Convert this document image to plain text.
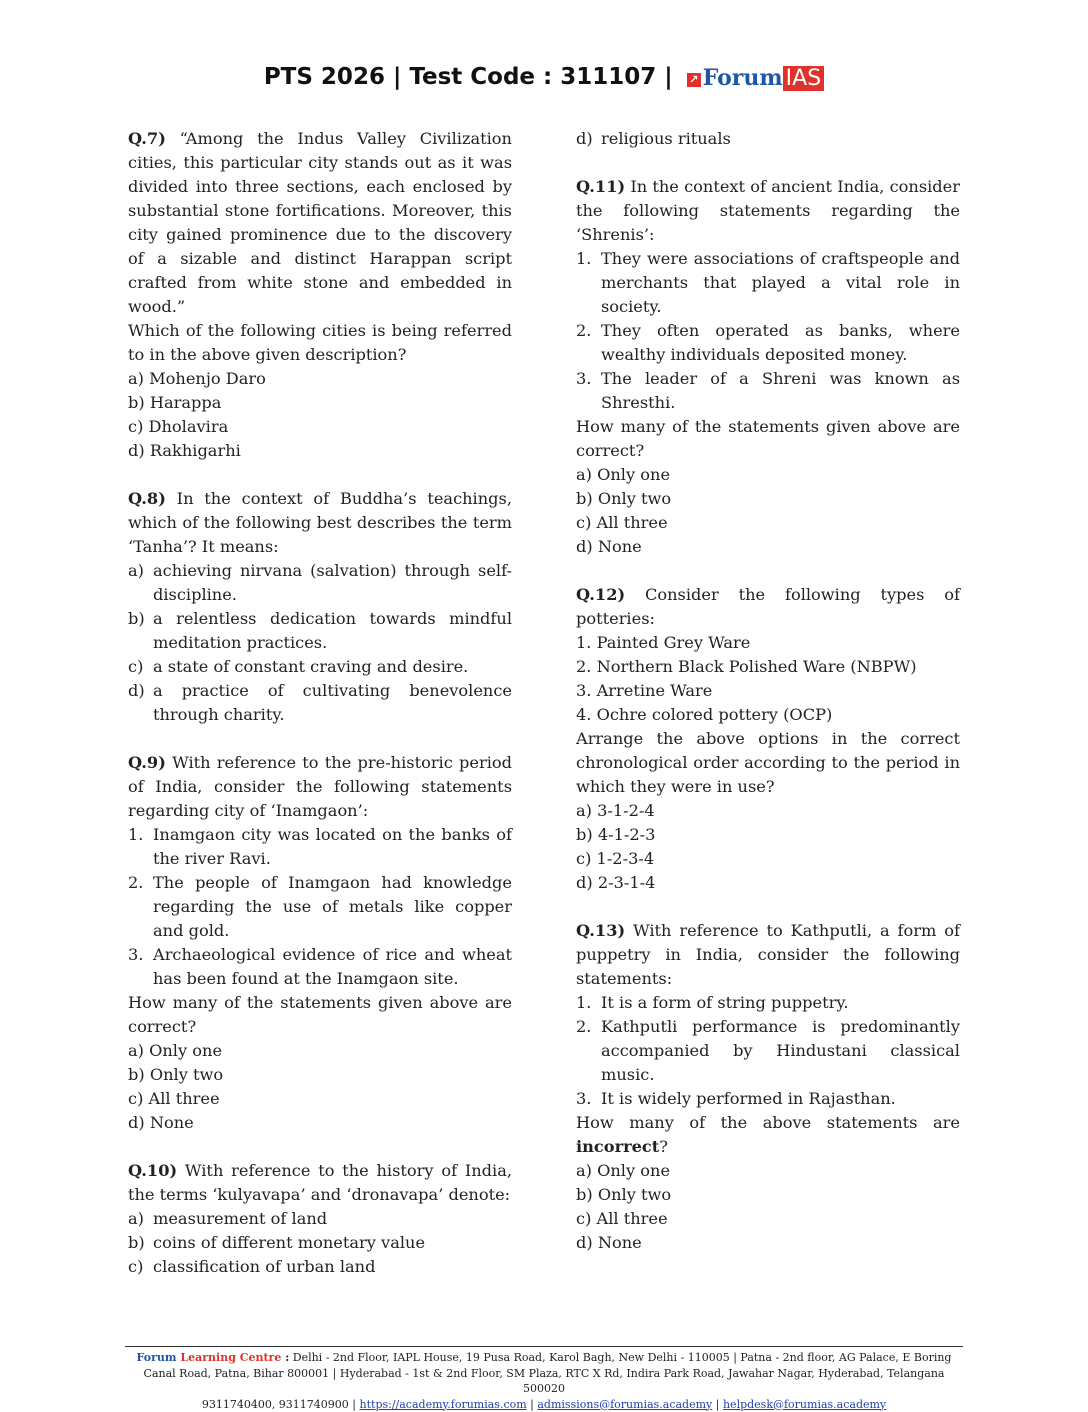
PTS 2026 | Test Code : 311107 | ↗ Forum IAS

Q.7) “Among the Indus Valley Civilization cities, this particular city stands out as it was divided into three sections, each enclosed by substantial stone fortifications. Moreover, this city gained prominence due to the discovery of a sizable and distinct Harappan script crafted from white stone and embedded in wood.”

Which of the following cities is being referred to in the above given description?

a) Mohenjo Daro
b) Harappa
c) Dholavira
d) Rakhigarhi

Q.8) In the context of Buddha’s teachings, which of the following best describes the term ‘Tanha’? It means:

a) achieving nirvana (salvation) through self-discipline.
b) a relentless dedication towards mindful meditation practices.
c) a state of constant craving and desire.
d) a practice of cultivating benevolence through charity.

Q.9) With reference to the pre-historic period of India, consider the following statements regarding city of ‘Inamgaon’:

1. Inamgaon city was located on the banks of the river Ravi.
2. The people of Inamgaon had knowledge regarding the use of metals like copper and gold.
3. Archaeological evidence of rice and wheat has been found at the Inamgaon site.

How many of the statements given above are correct?

a) Only one
b) Only two
c) All three
d) None

Q.10) With reference to the history of India, the terms ‘kulyavapa’ and ‘dronavapa’ denote:

a) measurement of land
b) coins of different monetary value
c) classification of urban land
d) religious rituals

Q.11) In the context of ancient India, consider the following statements regarding the ‘Shrenis’:

1. They were associations of craftspeople and merchants that played a vital role in society.
2. They often operated as banks, where wealthy individuals deposited money.
3. The leader of a Shreni was known as Shresthi.

How many of the statements given above are correct?

a) Only one
b) Only two
c) All three
d) None

Q.12) Consider the following types of potteries:

1. Painted Grey Ware
2. Northern Black Polished Ware (NBPW)
3. Arretine Ware
4. Ochre colored pottery (OCP)

Arrange the above options in the correct chronological order according to the period in which they were in use?

a) 3-1-2-4
b) 4-1-2-3
c) 1-2-3-4
d) 2-3-1-4

Q.13) With reference to Kathputli, a form of puppetry in India, consider the following statements:

1. It is a form of string puppetry.
2. Kathputli performance is predominantly accompanied by Hindustani classical music.
3. It is widely performed in Rajasthan.

How many of the above statements are incorrect?

a) Only one
b) Only two
c) All three
d) None
Forum Learning Centre : Delhi - 2nd Floor, IAPL House, 19 Pusa Road, Karol Bagh, New Delhi - 110005 | Patna - 2nd floor, AG Palace, E Boring Canal Road, Patna, Bihar 800001 | Hyderabad - 1st & 2nd Floor, SM Plaza, RTC X Rd, Indira Park Road, Jawahar Nagar, Hyderabad, Telangana 500020
9311740400, 9311740900 | https://academy.forumias.com | admissions@forumias.academy | helpdesk@forumias.academy
